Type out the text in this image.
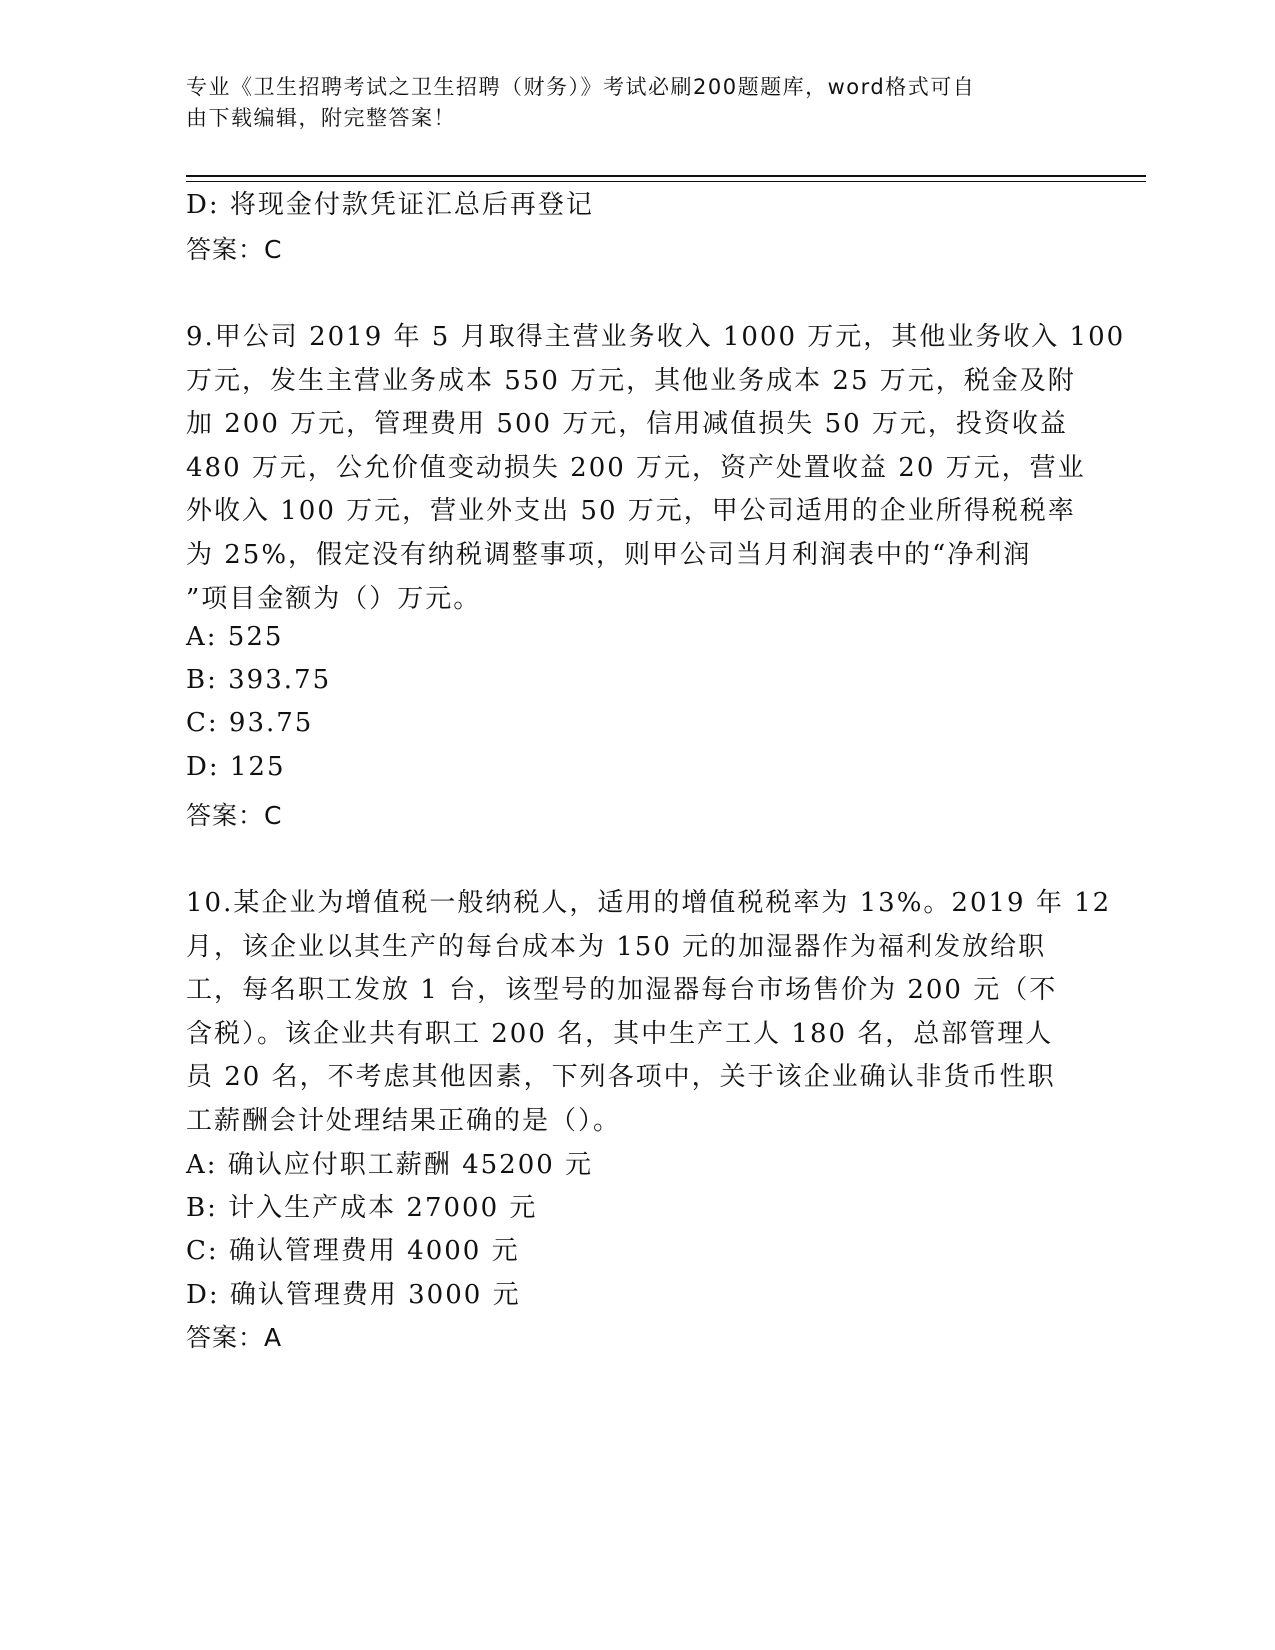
专业《卫生招聘考试之卫生招聘（财务）》考试必刷200题题库，word格式可自
由下载编辑，附完整答案！
D: 将现金付款凭证汇总后再登记
答案：C
9.甲公司 2019 年 5 月取得主营业务收入 1000 万元，其他业务收入 100
万元，发生主营业务成本 550 万元，其他业务成本 25 万元，税金及附
加 200 万元，管理费用 500 万元，信用减值损失 50 万元，投资收益
480 万元，公允价值变动损失 200 万元，资产处置收益 20 万元，营业
外收入 100 万元，营业外支出 50 万元，甲公司适用的企业所得税税率
为 25%，假定没有纳税调整事项，则甲公司当月利润表中的“净利润
”项目金额为（）万元。
A: 525
B: 393.75
C: 93.75
D: 125
答案：C
10.某企业为增值税一般纳税人，适用的增值税税率为 13%。2019 年 12
月，该企业以其生产的每台成本为 150 元的加湿器作为福利发放给职
工，每名职工发放 1 台，该型号的加湿器每台市场售价为 200 元（不
含税）。该企业共有职工 200 名，其中生产工人 180 名，总部管理人
员 20 名，不考虑其他因素，下列各项中，关于该企业确认非货币性职
工薪酬会计处理结果正确的是（）。
A: 确认应付职工薪酬 45200 元
B: 计入生产成本 27000 元
C: 确认管理费用 4000 元
D: 确认管理费用 3000 元
答案：A
